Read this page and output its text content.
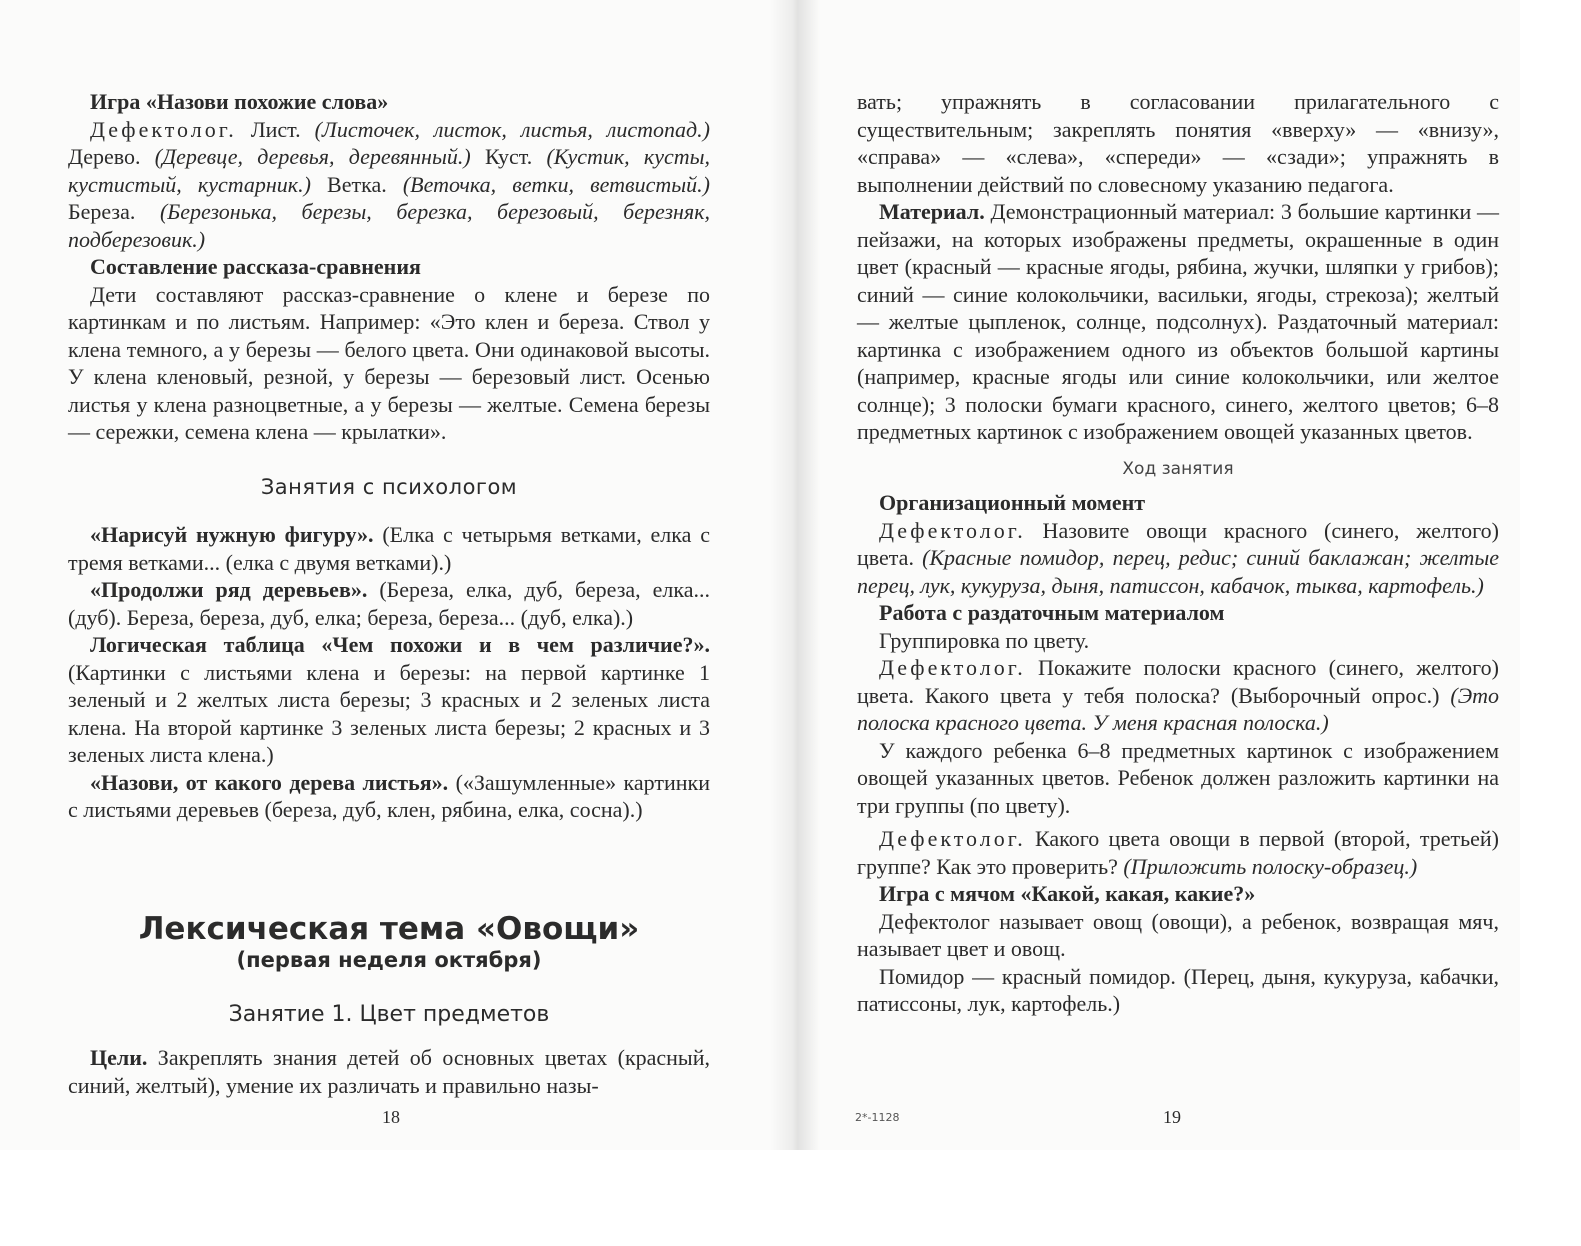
Игра «Назови похожие слова»

Дефектолог. Лист. (Листочек, листок, листья, листопад.) Дерево. (Деревце, деревья, деревянный.) Куст. (Кустик, кусты, кустистый, кустарник.) Ветка. (Веточка, ветки, ветвистый.) Береза. (Березонька, березы, березка, березовый, березняк, подберезовик.)

Составление рассказа-сравнения

Дети составляют рассказ-сравнение о клене и березе по картинкам и по листьям. Например: «Это клен и береза. Ствол у клена темного, а у березы — белого цвета. Они одинаковой высоты. У клена кленовый, резной, у березы — березовый лист. Осенью листья у клена разноцветные, а у березы — желтые. Семена березы — сережки, семена клена — крылатки».

Занятия с психологом

«Нарисуй нужную фигуру». (Елка с четырьмя ветками, елка с тремя ветками... (елка с двумя ветками).)

«Продолжи ряд деревьев». (Береза, елка, дуб, береза, елка... (дуб). Береза, береза, дуб, елка; береза, береза... (дуб, елка).)

Логическая таблица «Чем похожи и в чем различие?». (Картинки с листьями клена и березы: на первой картинке 1 зеленый и 2 желтых листа березы; 3 красных и 2 зеленых листа клена. На второй картинке 3 зеленых листа березы; 2 красных и 3 зеленых листа клена.)

«Назови, от какого дерева листья». («Зашумленные» картинки с листьями деревьев (береза, дуб, клен, рябина, елка, сосна).)

Лексическая тема «Овощи»
(первая неделя октября)
Занятие 1. Цвет предметов

Цели. Закреплять знания детей об основных цветах (красный, синий, желтый), умение их различать и правильно назы-

18

вать; упражнять в согласовании прилагательного с существительным; закреплять понятия «вверху» — «внизу», «справа» — «слева», «спереди» — «сзади»; упражнять в выполнении действий по словесному указанию педагога.

Материал. Демонстрационный материал: 3 большие картинки — пейзажи, на которых изображены предметы, окрашенные в один цвет (красный — красные ягоды, рябина, жучки, шляпки у грибов); синий — синие колокольчики, васильки, ягоды, стрекоза); желтый — желтые цыпленок, солнце, подсолнух). Раздаточный материал: картинка с изображением одного из объектов большой картины (например, красные ягоды или синие колокольчики, или желтое солнце); 3 полоски бумаги красного, синего, желтого цветов; 6–8 предметных картинок с изображением овощей указанных цветов.

Ход занятия

Организационный момент

Дефектолог. Назовите овощи красного (синего, желтого) цвета. (Красные помидор, перец, редис; синий баклажан; желтые перец, лук, кукуруза, дыня, патиссон, кабачок, тыква, картофель.)

Работа с раздаточным материалом

Группировка по цвету.

Дефектолог. Покажите полоски красного (синего, желтого) цвета. Какого цвета у тебя полоска? (Выборочный опрос.) (Это полоска красного цвета. У меня красная полоска.)

У каждого ребенка 6–8 предметных картинок с изображением овощей указанных цветов. Ребенок должен разложить картинки на три группы (по цвету).

Дефектолог. Какого цвета овощи в первой (второй, третьей) группе? Как это проверить? (Приложить полоску-образец.)

Игра с мячом «Какой, какая, какие?»

Дефектолог называет овощ (овощи), а ребенок, возвращая мяч, называет цвет и овощ.

Помидор — красный помидор. (Перец, дыня, кукуруза, кабачки, патиссоны, лук, картофель.)

2*-1128	19
